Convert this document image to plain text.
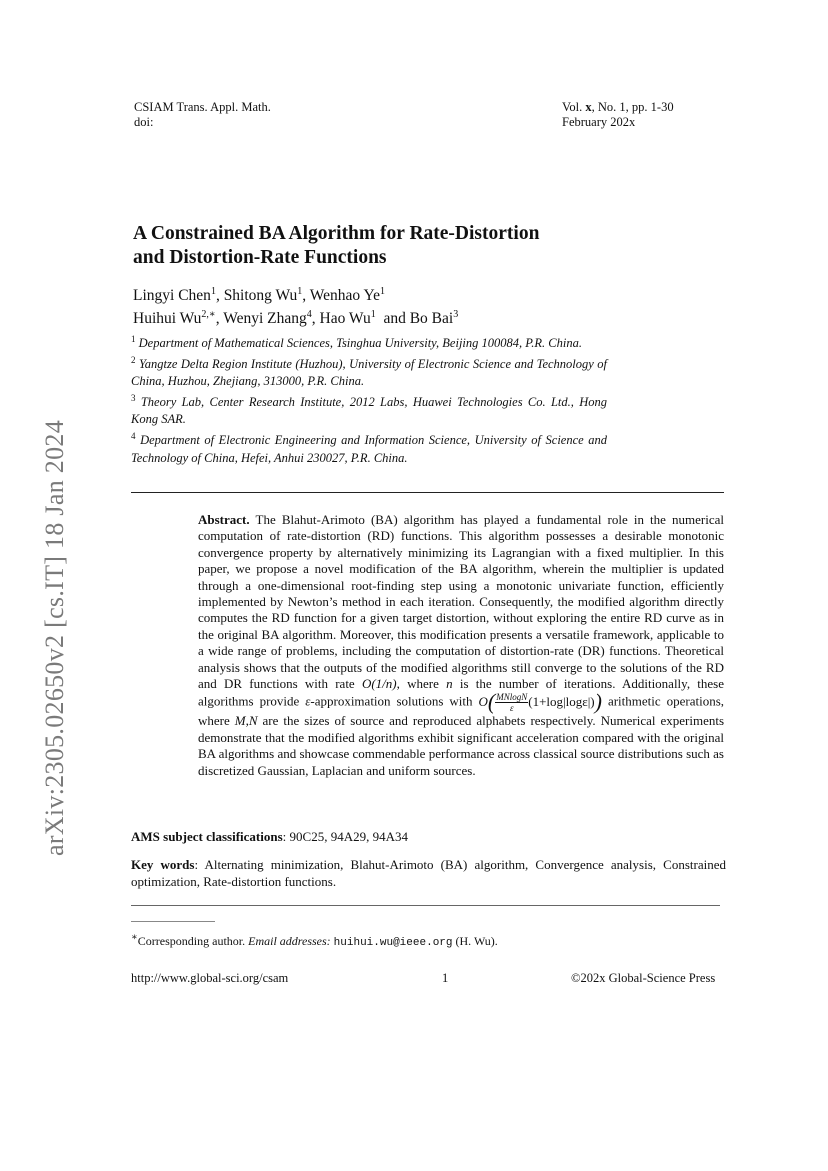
CSIAM Trans. Appl. Math.
doi:
Vol. x, No. 1, pp. 1-30
February 202x
arXiv:2305.02650v2 [cs.IT] 18 Jan 2024
A Constrained BA Algorithm for Rate-Distortion
and Distortion-Rate Functions
Lingyi Chen$^1$, Shitong Wu$^1$, Wenhao Ye$^1$
Huihui $Wu^{2,∗}$, Wenyi Zhang$^4$, Hao Wu$^1$ and Bo Bai$^3$
$^1$ Department of Mathematical Sciences, Tsinghua University, Beijing 100084, P.R. China.
$^2$ Yangtze Delta Region Institute (Huzhou), University of Electronic Science and Technology of China, Huzhou, Zhejiang, 313000, P.R. China.
$^3$ Theory Lab, Center Research Institute, 2012 Labs, Huawei Technologies Co. Ltd., Hong Kong SAR.
$^4$ Department of Electronic Engineering and Information Science, University of Science and Technology of China, Hefei, Anhui 230027, P.R. China.
Abstract. The Blahut-Arimoto (BA) algorithm has played a fundamental role in the numerical computation of rate-distortion (RD) functions. This algorithm possesses a desirable monotonic convergence property by alternatively minimizing its Lagrangian with a fixed multiplier. In this paper, we propose a novel modification of the BA algorithm, wherein the multiplier is updated through a one-dimensional root-finding step using a monotonic univariate function, efficiently implemented by Newton’s method in each iteration. Consequently, the modified algorithm directly computes the RD function for a given target distortion, without exploring the entire RD curve as in the original BA algorithm. Moreover, this modification presents a versatile framework, applicable to a wide range of problems, including the computation of distortion-rate (DR) functions. Theoretical analysis shows that the outputs of the modified algorithms still converge to the solutions of the RD and DR functions with rate O(1/n), where n is the number of iterations. Additionally, these algorithms provide ε-approximation solutions with $O( \frac{MNlogN}{\varepsilon} (1+\log|\log\varepsilon|))$ arithmetic operations, where M,N are the sizes of source and reproduced alphabets respectively. Numerical experiments demonstrate that the modified algorithms exhibit significant acceleration compared with the original BA algorithms and showcase commendable performance across classical source distributions such as discretized Gaussian, Laplacian and uniform sources.
AMS subject classifications: 90C25, 94A29, 94A34
Key words: Alternating minimization, Blahut-Arimoto (BA) algorithm, Convergence analysis, Constrained optimization, Rate-distortion functions.
∗Corresponding author. Email addresses: huihui.wu@ieee.org (H. Wu).
http://www.global-sci.org/csam	1	©202x Global-Science Press
